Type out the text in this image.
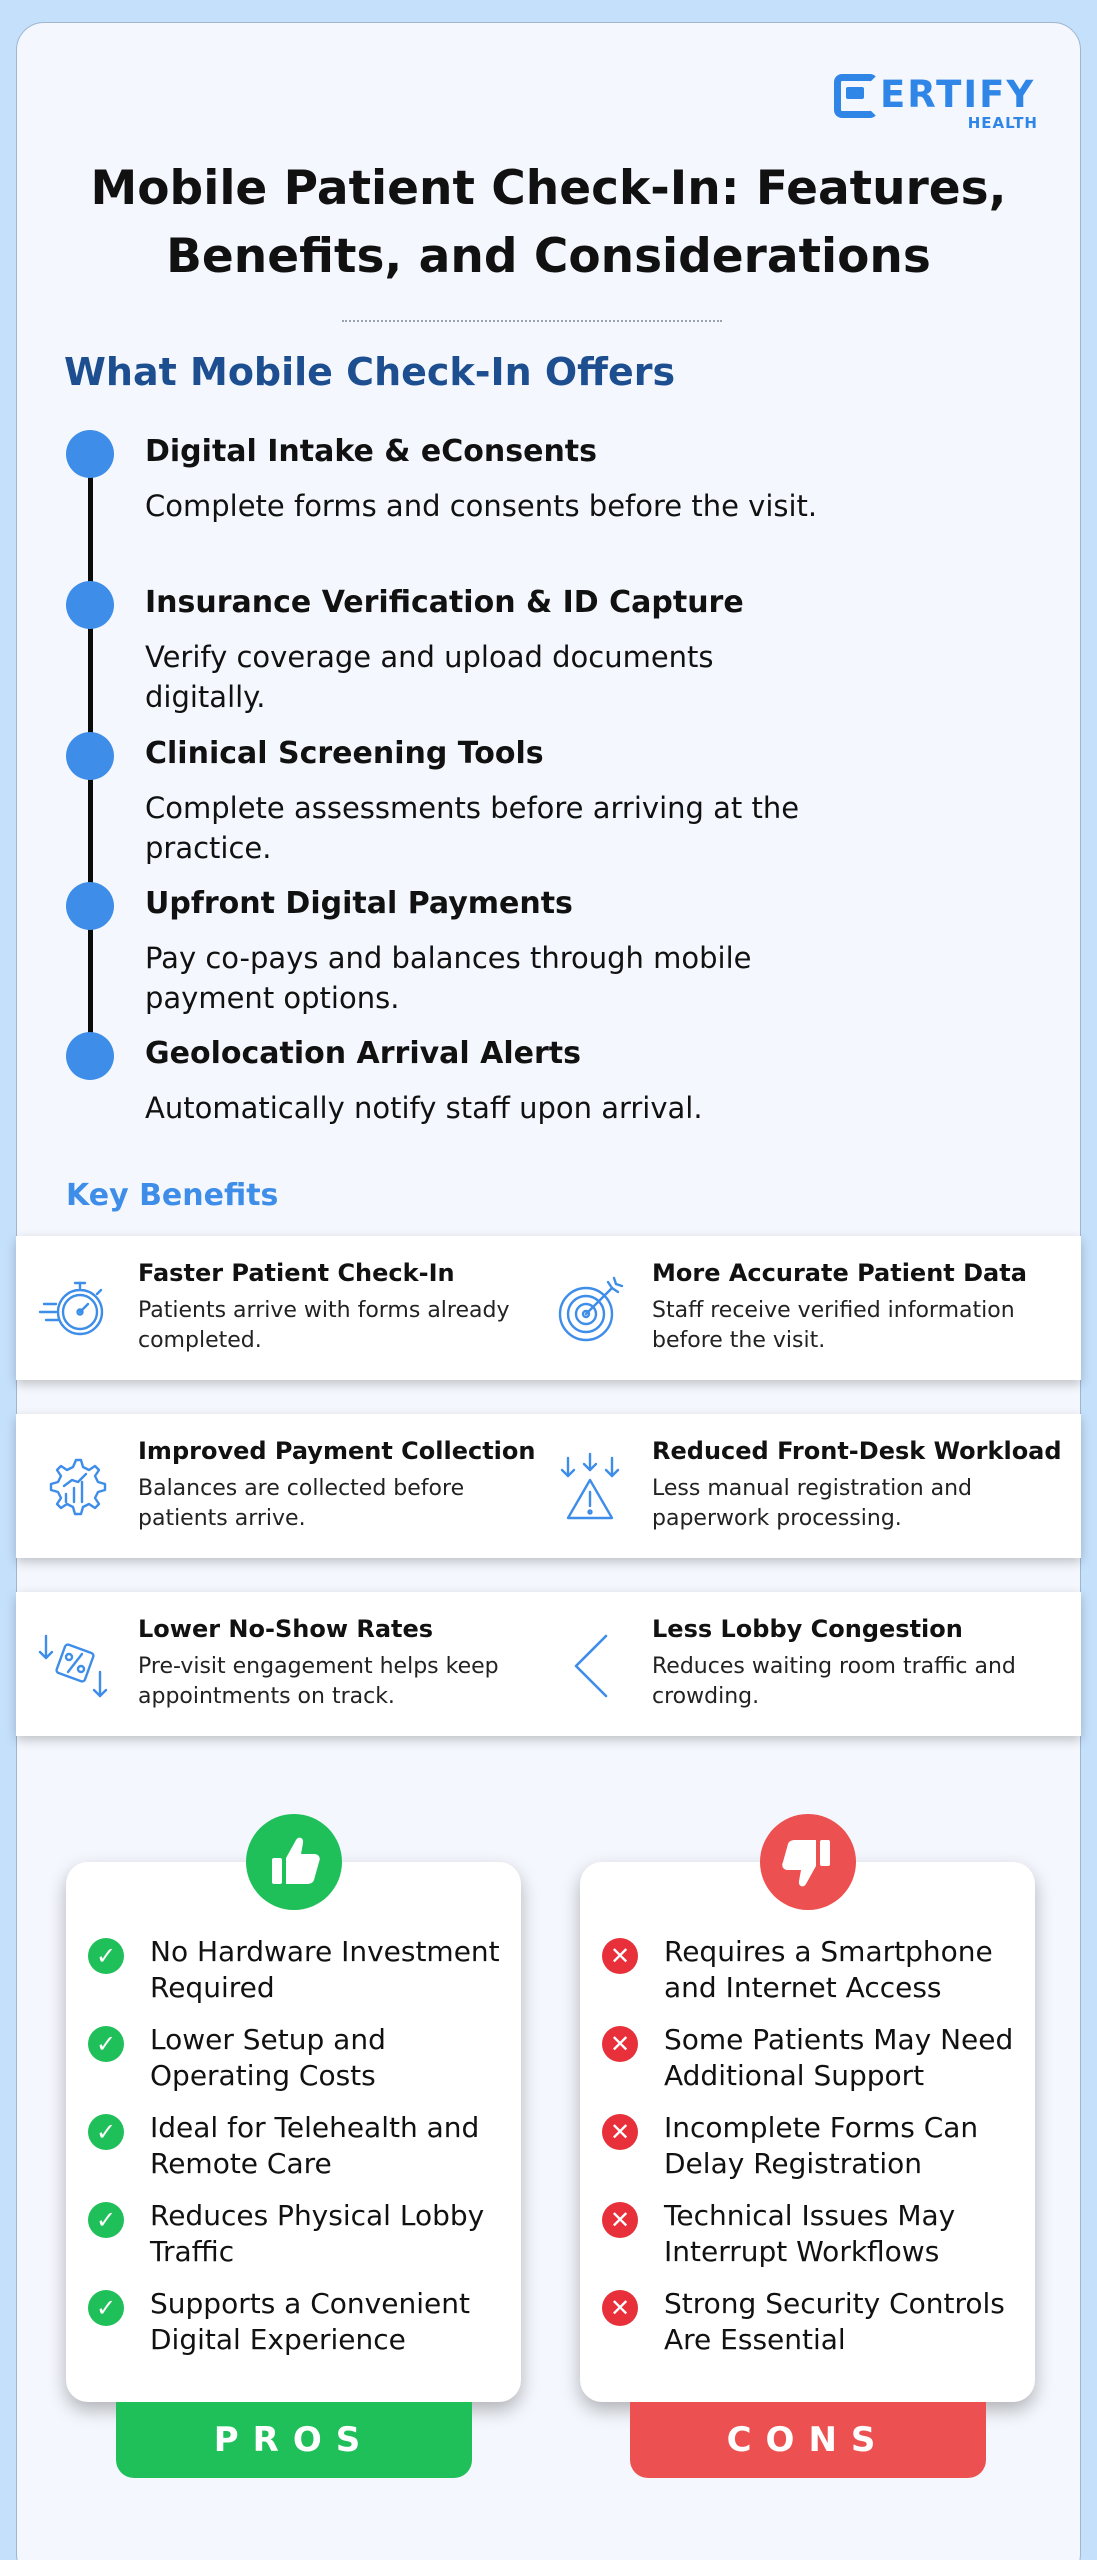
ERTIFY
HEALTH
Mobile Patient Check-In: Features, Benefits, and Considerations
What Mobile Check-In Offers
Digital Intake & eConsents
Complete forms and consents before the visit.
Insurance Verification & ID Capture
Verify coverage and upload documents digitally.
Clinical Screening Tools
Complete assessments before arriving at the practice.
Upfront Digital Payments
Pay co-pays and balances through mobile payment options.
Geolocation Arrival Alerts
Automatically notify staff upon arrival.
Key Benefits
Faster Patient Check-In
Patients arrive with forms already completed.
More Accurate Patient Data
Staff receive verified information before the visit.
Improved Payment Collection
Balances are collected before patients arrive.
Reduced Front-Desk Workload
Less manual registration and paperwork processing.
Lower No-Show Rates
Pre-visit engagement helps keep appointments on track.
Less Lobby Congestion
Reduces waiting room traffic and crowding.
✓ No Hardware Investment Required
✓ Lower Setup and Operating Costs
✓ Ideal for Telehealth and Remote Care
✓ Reduces Physical Lobby Traffic
✓ Supports a Convenient Digital Experience
PROS
✕ Requires a Smartphone and Internet Access
✕ Some Patients May Need Additional Support
✕ Incomplete Forms Can Delay Registration
✕ Technical Issues May Interrupt Workflows
✕ Strong Security Controls Are Essential
CONS
